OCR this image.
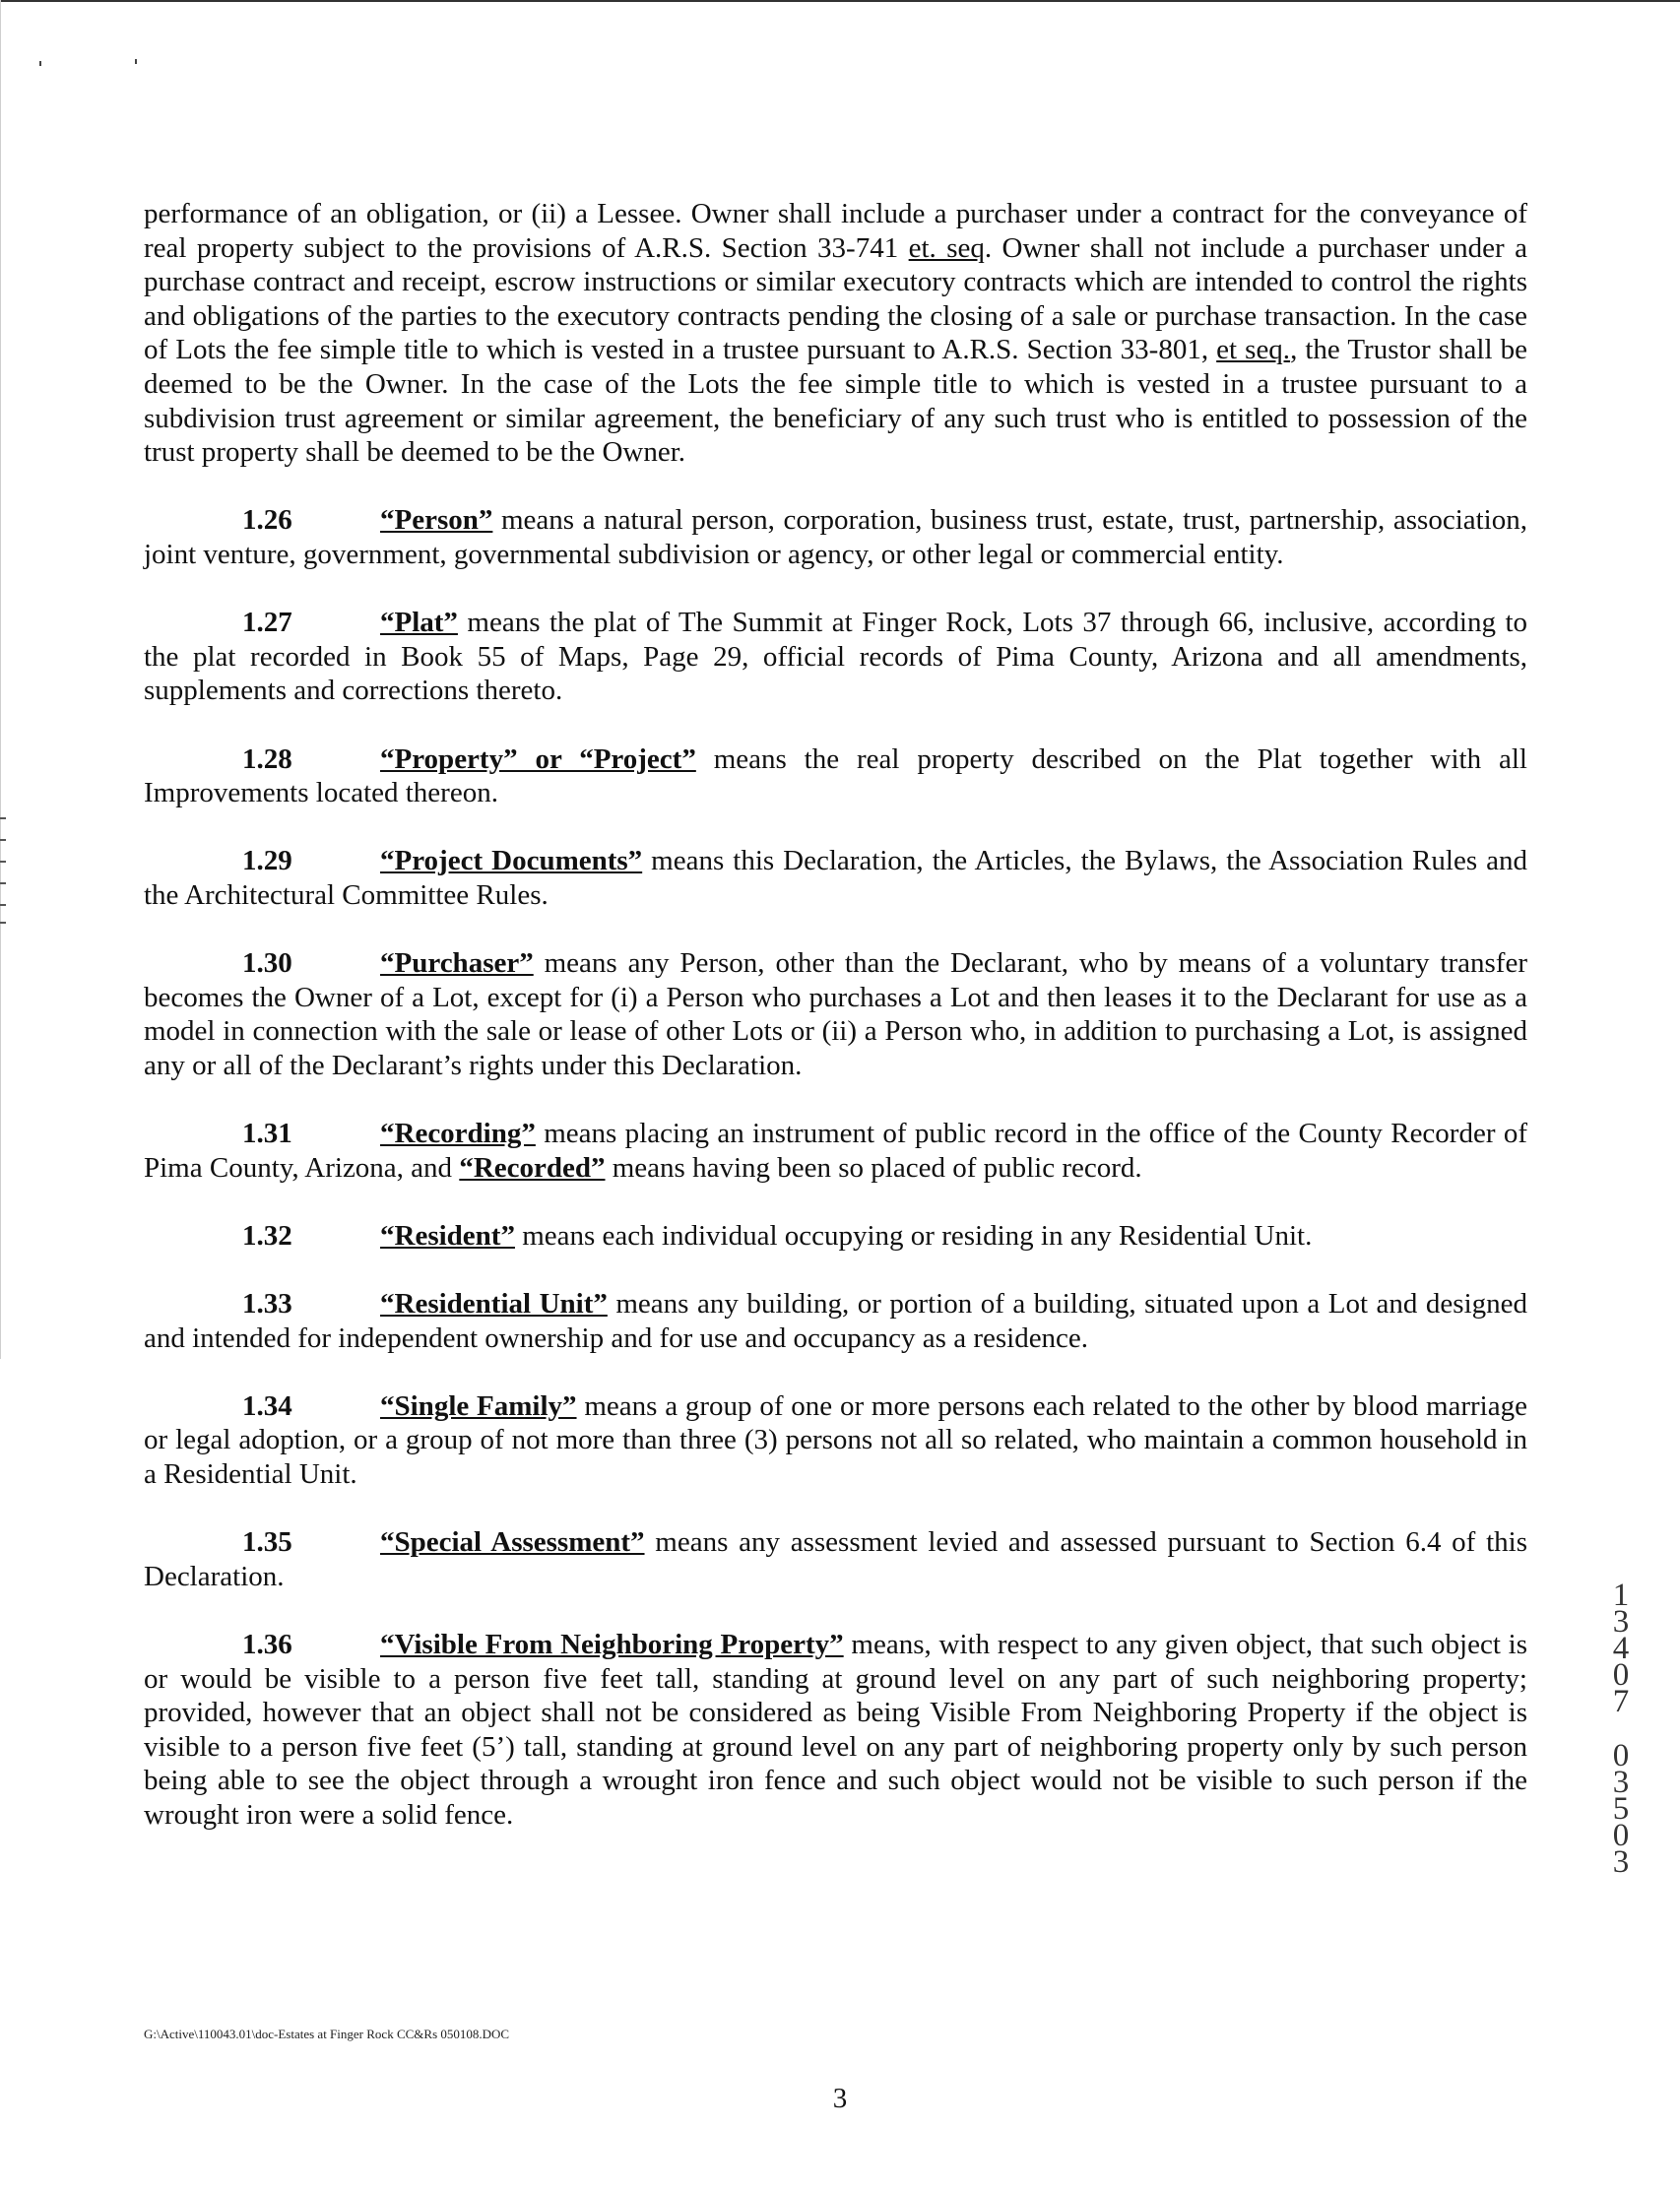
performance of an obligation, or (ii) a Lessee. Owner shall include a purchaser under a contract for the conveyance of real property subject to the provisions of A.R.S. Section 33-741 et. seq. Owner shall not include a purchaser under a purchase contract and receipt, escrow instructions or similar executory contracts which are intended to control the rights and obligations of the parties to the executory contracts pending the closing of a sale or purchase transaction. In the case of Lots the fee simple title to which is vested in a trustee pursuant to A.R.S. Section 33-801, et seq., the Trustor shall be deemed to be the Owner. In the case of the Lots the fee simple title to which is vested in a trustee pursuant to a subdivision trust agreement or similar agreement, the beneficiary of any such trust who is entitled to possession of the trust property shall be deemed to be the Owner.

1.26	“Person” means a natural person, corporation, business trust, estate, trust, partnership, association, joint venture, government, governmental subdivision or agency, or other legal or commercial entity.

1.27	“Plat” means the plat of The Summit at Finger Rock, Lots 37 through 66, inclusive, according to the plat recorded in Book 55 of Maps, Page 29, official records of Pima County, Arizona and all amendments, supplements and corrections thereto.

1.28	“Property” or “Project” means the real property described on the Plat together with all Improvements located thereon.

1.29	“Project Documents” means this Declaration, the Articles, the Bylaws, the Association Rules and the Architectural Committee Rules.

1.30	“Purchaser” means any Person, other than the Declarant, who by means of a voluntary transfer becomes the Owner of a Lot, except for (i) a Person who purchases a Lot and then leases it to the Declarant for use as a model in connection with the sale or lease of other Lots or (ii) a Person who, in addition to purchasing a Lot, is assigned any or all of the Declarant’s rights under this Declaration.

1.31	“Recording” means placing an instrument of public record in the office of the County Recorder of Pima County, Arizona, and “Recorded” means having been so placed of public record.

1.32	“Resident” means each individual occupying or residing in any Residential Unit.

1.33	“Residential Unit” means any building, or portion of a building, situated upon a Lot and designed and intended for independent ownership and for use and occupancy as a residence.

1.34	“Single Family” means a group of one or more persons each related to the other by blood marriage or legal adoption, or a group of not more than three (3) persons not all so related, who maintain a common household in a Residential Unit.

1.35	“Special Assessment” means any assessment levied and assessed pursuant to Section 6.4 of this Declaration.

1.36	“Visible From Neighboring Property” means, with respect to any given object, that such object is or would be visible to a person five feet tall, standing at ground level on any part of such neighboring property; provided, however that an object shall not be considered as being Visible From Neighboring Property if the object is visible to a person five feet (5’) tall, standing at ground level on any part of neighboring property only by such person being able to see the object through a wrought iron fence and such object would not be visible to such person if the wrought iron were a solid fence.

1
3
4
0
7
0
3
5
0
3
G:\Active\110043.01\doc-Estates at Finger Rock CC&Rs 050108.DOC
3
